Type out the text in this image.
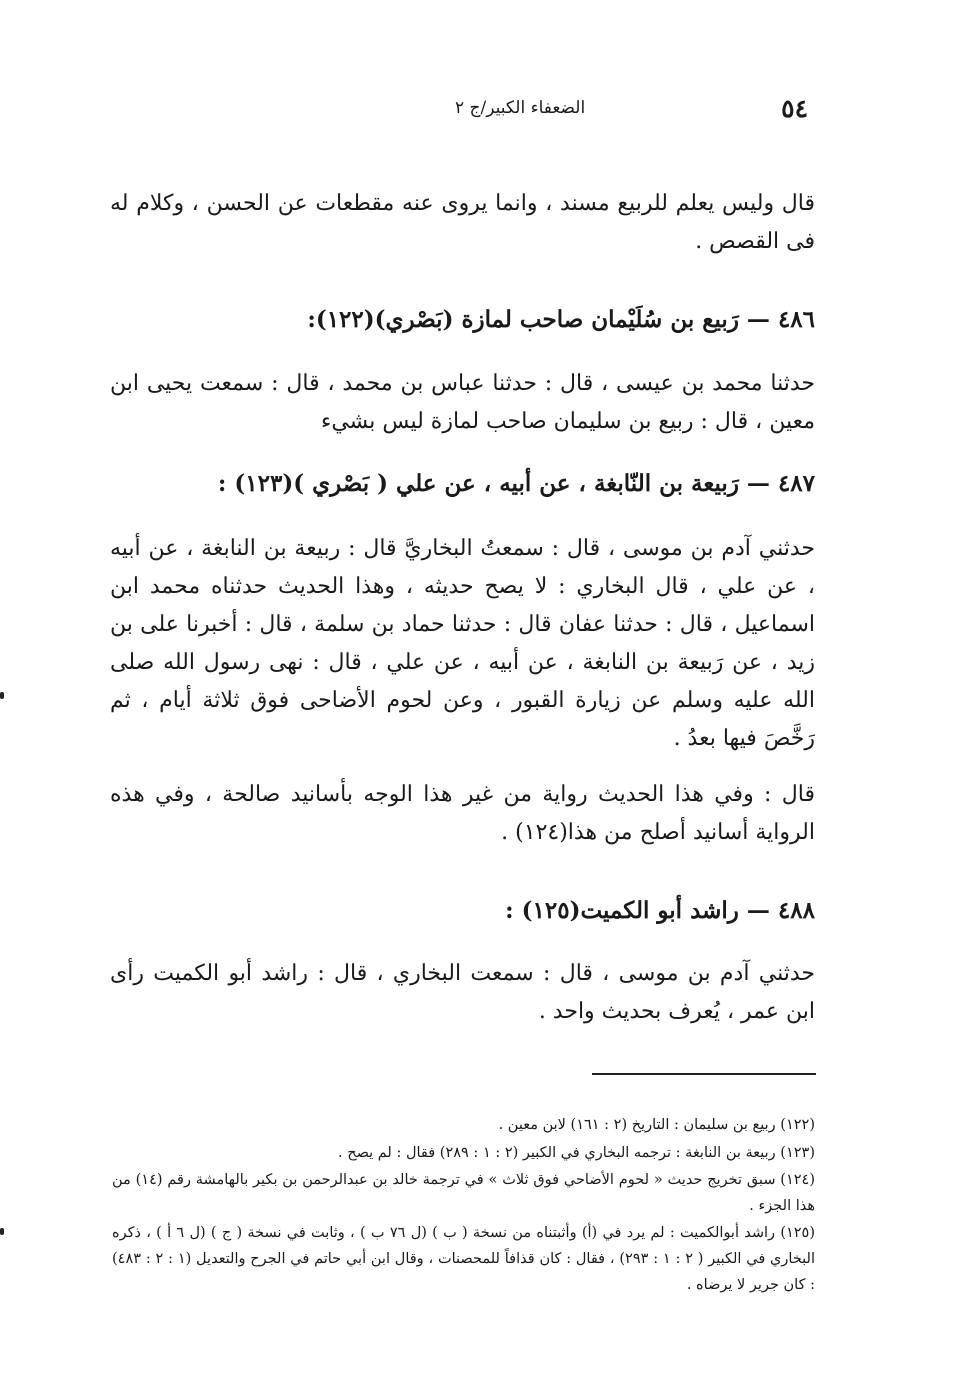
٥٤
الضعفاء الكبير/ج ٢
قال وليس يعلم للربيع مسند ، وانما يروى عنه مقطعات عن الحسن ، وكلام له فى القصص .
٤٨٦ — رَبيع بن سُلَيْمان صاحب لمازة (بَصْري)(١٢٢):
حدثنا محمد بن عيسى ، قال : حدثنا عباس بن محمد ، قال : سمعت يحيى ابن معين ، قال : ربيع بن سليمان صاحب لمازة ليس بشيء
٤٨٧ — رَبيعة بن النّابغة ، عن أبيه ، عن علي ( بَصْري )(١٢٣) :
حدثني آدم بن موسى ، قال : سمعتُ البخاريَّ قال : ربيعة بن النابغة ، عن أبيه ، عن علي ، قال البخاري : لا يصح حديثه ، وهذا الحديث حدثناه محمد ابن اسماعيل ، قال : حدثنا عفان قال : حدثنا حماد بن سلمة ، قال : أخبرنا على بن زيد ، عن رَبيعة بن النابغة ، عن أبيه ، عن علي ، قال : نهى رسول الله صلى الله عليه وسلم عن زيارة القبور ، وعن لحوم الأضاحى فوق ثلاثة أيام ، ثم رَخَّصَ فيها بعدُ .
قال : وفي هذا الحديث رواية من غير هذا الوجه بأسانيد صالحة ، وفي هذه الرواية أسانيد أصلح من هذا(١٢٤) .
٤٨٨ — راشد أبو الكميت(١٢٥) :
حدثني آدم بن موسى ، قال : سمعت البخاري ، قال : راشد أبو الكميت رأى ابن عمر ، يُعرف بحديث واحد .
(١٢٢) ربيع بن سليمان : التاريخ (٢ : ١٦١) لابن معين .
(١٢٣) ربيعة بن النابغة : ترجمه البخاري في الكبير (٢ : ١ : ٢٨٩) فقال : لم يصح .
(١٢٤) سبق تخريج حديث « لحوم الأضاحي فوق ثلاث » في ترجمة خالد بن عبدالرحمن بن بكير بالهامشة رقم (١٤) من هذا الجزء .
(١٢٥) راشد أبوالكميت : لم يرد في (أ) وأثبتناه من نسخة ( ب ) (ل ٧٦ ب ) ، وثابت في نسخة ( ج ) (ل ٦ أ ) ، ذكره البخاري في الكبير ( ٢ : ١ : ٢٩٣) ، فقال : كان قذافاً للمحصنات ، وقال ابن أبي حاتم في الجرح والتعديل (١ : ٢ : ٤٨٣) : كان جرير لا يرضاه .
